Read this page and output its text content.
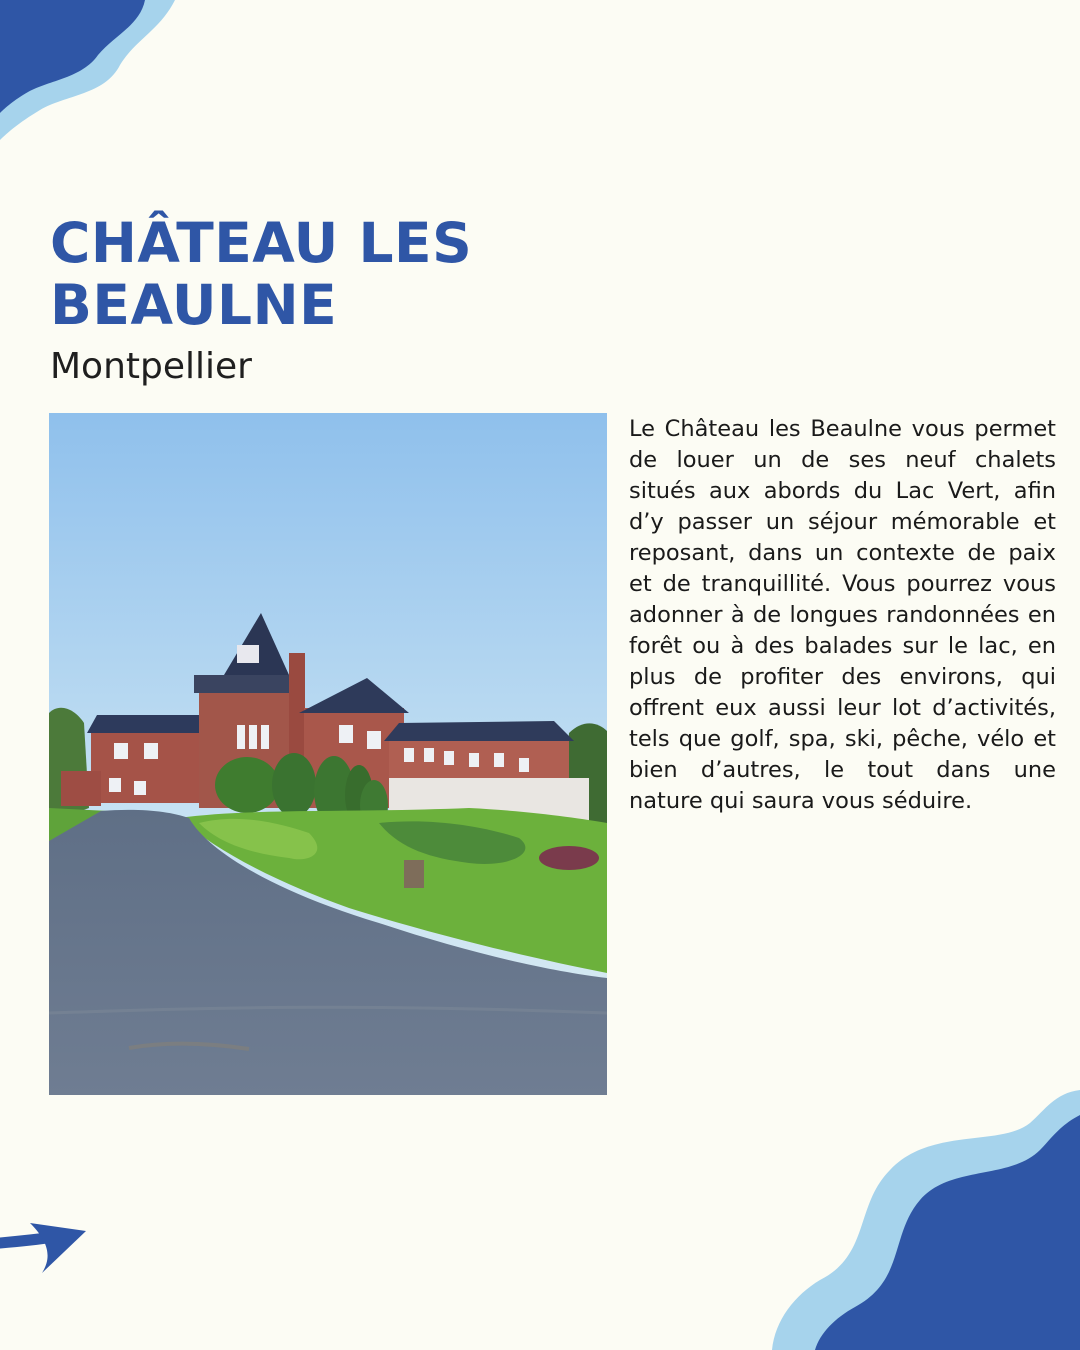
CHÂTEAU LES BEAULNE

Montpellier

Le Château les Beaulne vous permet de louer un de ses neuf chalets situés aux abords du Lac Vert, afin d’y passer un séjour mémorable et reposant, dans un contexte de paix et de tranquillité. Vous pourrez vous adonner à de longues randonnées en forêt ou à des balades sur le lac, en plus de profiter des environs, qui offrent eux aussi leur lot d’activités, tels que golf, spa, ski, pêche, vélo et bien d’autres, le tout dans une nature qui saura vous séduire.
